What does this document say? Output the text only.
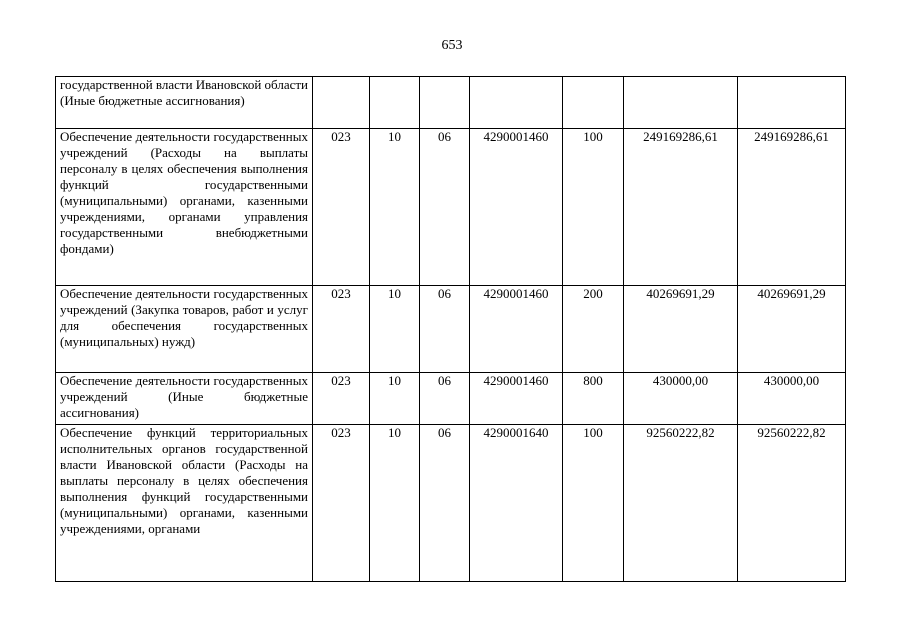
653
государственной власти Ивановской области (Иные бюджетные ассигнования)							
Обеспечение деятельности государственных учреждений (Расходы на выплаты персоналу в целях обеспечения выполнения функций государственными (муниципальными) органами, казенными учреждениями, органами управления государственными внебюджетными фондами)	023	10	06	4290001460	100	249169286,61	249169286,61
Обеспечение деятельности государственных учреждений (Закупка товаров, работ и услуг для обеспечения государственных (муниципальных) нужд)	023	10	06	4290001460	200	40269691,29	40269691,29
Обеспечение деятельности государственных учреждений (Иные бюджетные ассигнования)	023	10	06	4290001460	800	430000,00	430000,00
Обеспечение функций территориальных исполнительных органов государственной власти Ивановской области (Расходы на выплаты персоналу в целях обеспечения выполнения функций государственными (муниципальными) органами, казенными учреждениями, органами	023	10	06	4290001640	100	92560222,82	92560222,82
